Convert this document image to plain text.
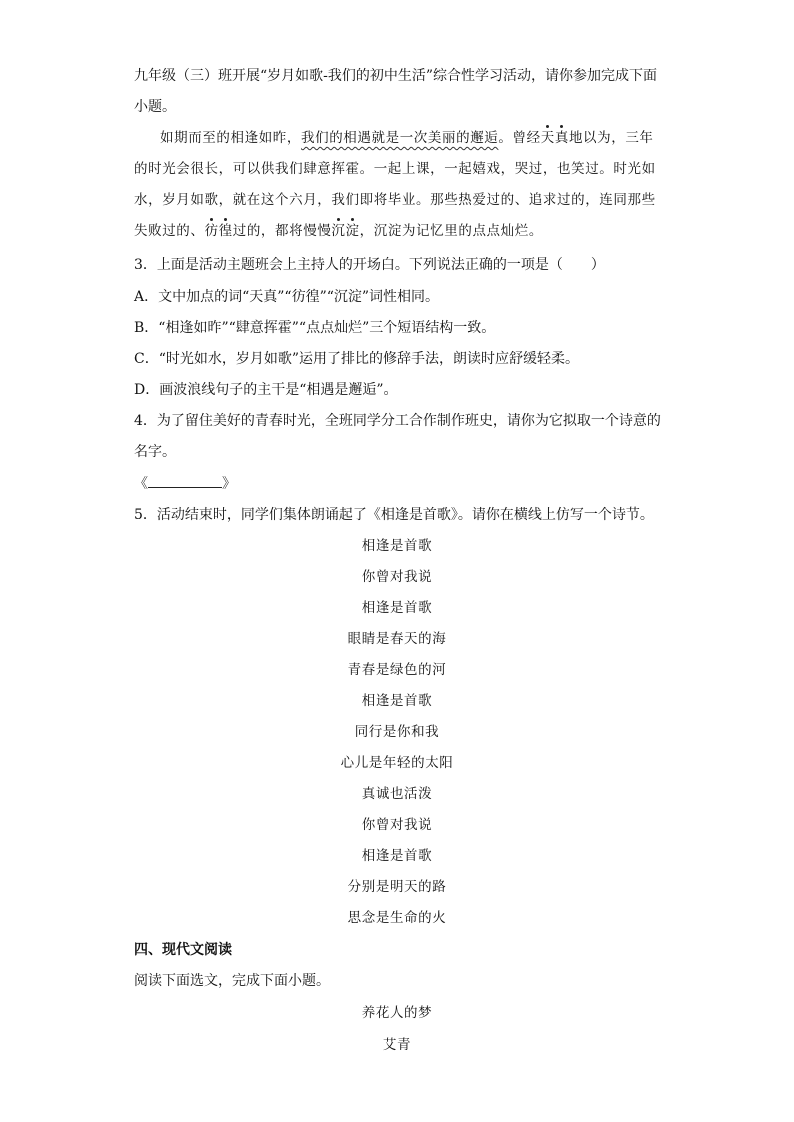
九年级（三）班开展“岁月如歌-我们的初中生活”综合性学习活动，请你参加完成下面
小题。
如期而至的相逢如昨，我们的相遇就是一次美丽的邂逅。曾经天真地以为，三年
的时光会很长，可以供我们肆意挥霍。一起上课，一起嬉戏，哭过，也笑过。时光如
水，岁月如歌，就在这个六月，我们即将毕业。那些热爱过的、追求过的，连同那些
失败过的、彷徨过的，都将慢慢沉淀，沉淀为记忆里的点点灿烂。
3．上面是活动主题班会上主持人的开场白。下列说法正确的一项是（　　）
A．文中加点的词“天真”“彷徨”“沉淀”词性相同。
B．“相逢如昨”“肆意挥霍”“点点灿烂”三个短语结构一致。
C．“时光如水，岁月如歌”运用了排比的修辞手法，朗读时应舒缓轻柔。
D．画波浪线句子的主干是“相遇是邂逅”。
4．为了留住美好的青春时光，全班同学分工合作制作班史，请你为它拟取一个诗意的
名字。
《	》
5．活动结束时，同学们集体朗诵起了《相逢是首歌》。请你在横线上仿写一个诗节。
相逢是首歌
你曾对我说
相逢是首歌
眼睛是春天的海
青春是绿色的河
相逢是首歌
同行是你和我
心儿是年轻的太阳
真诚也活泼
你曾对我说
相逢是首歌
分别是明天的路
思念是生命的火
四、现代文阅读
阅读下面选文，完成下面小题。
养花人的梦
艾青
